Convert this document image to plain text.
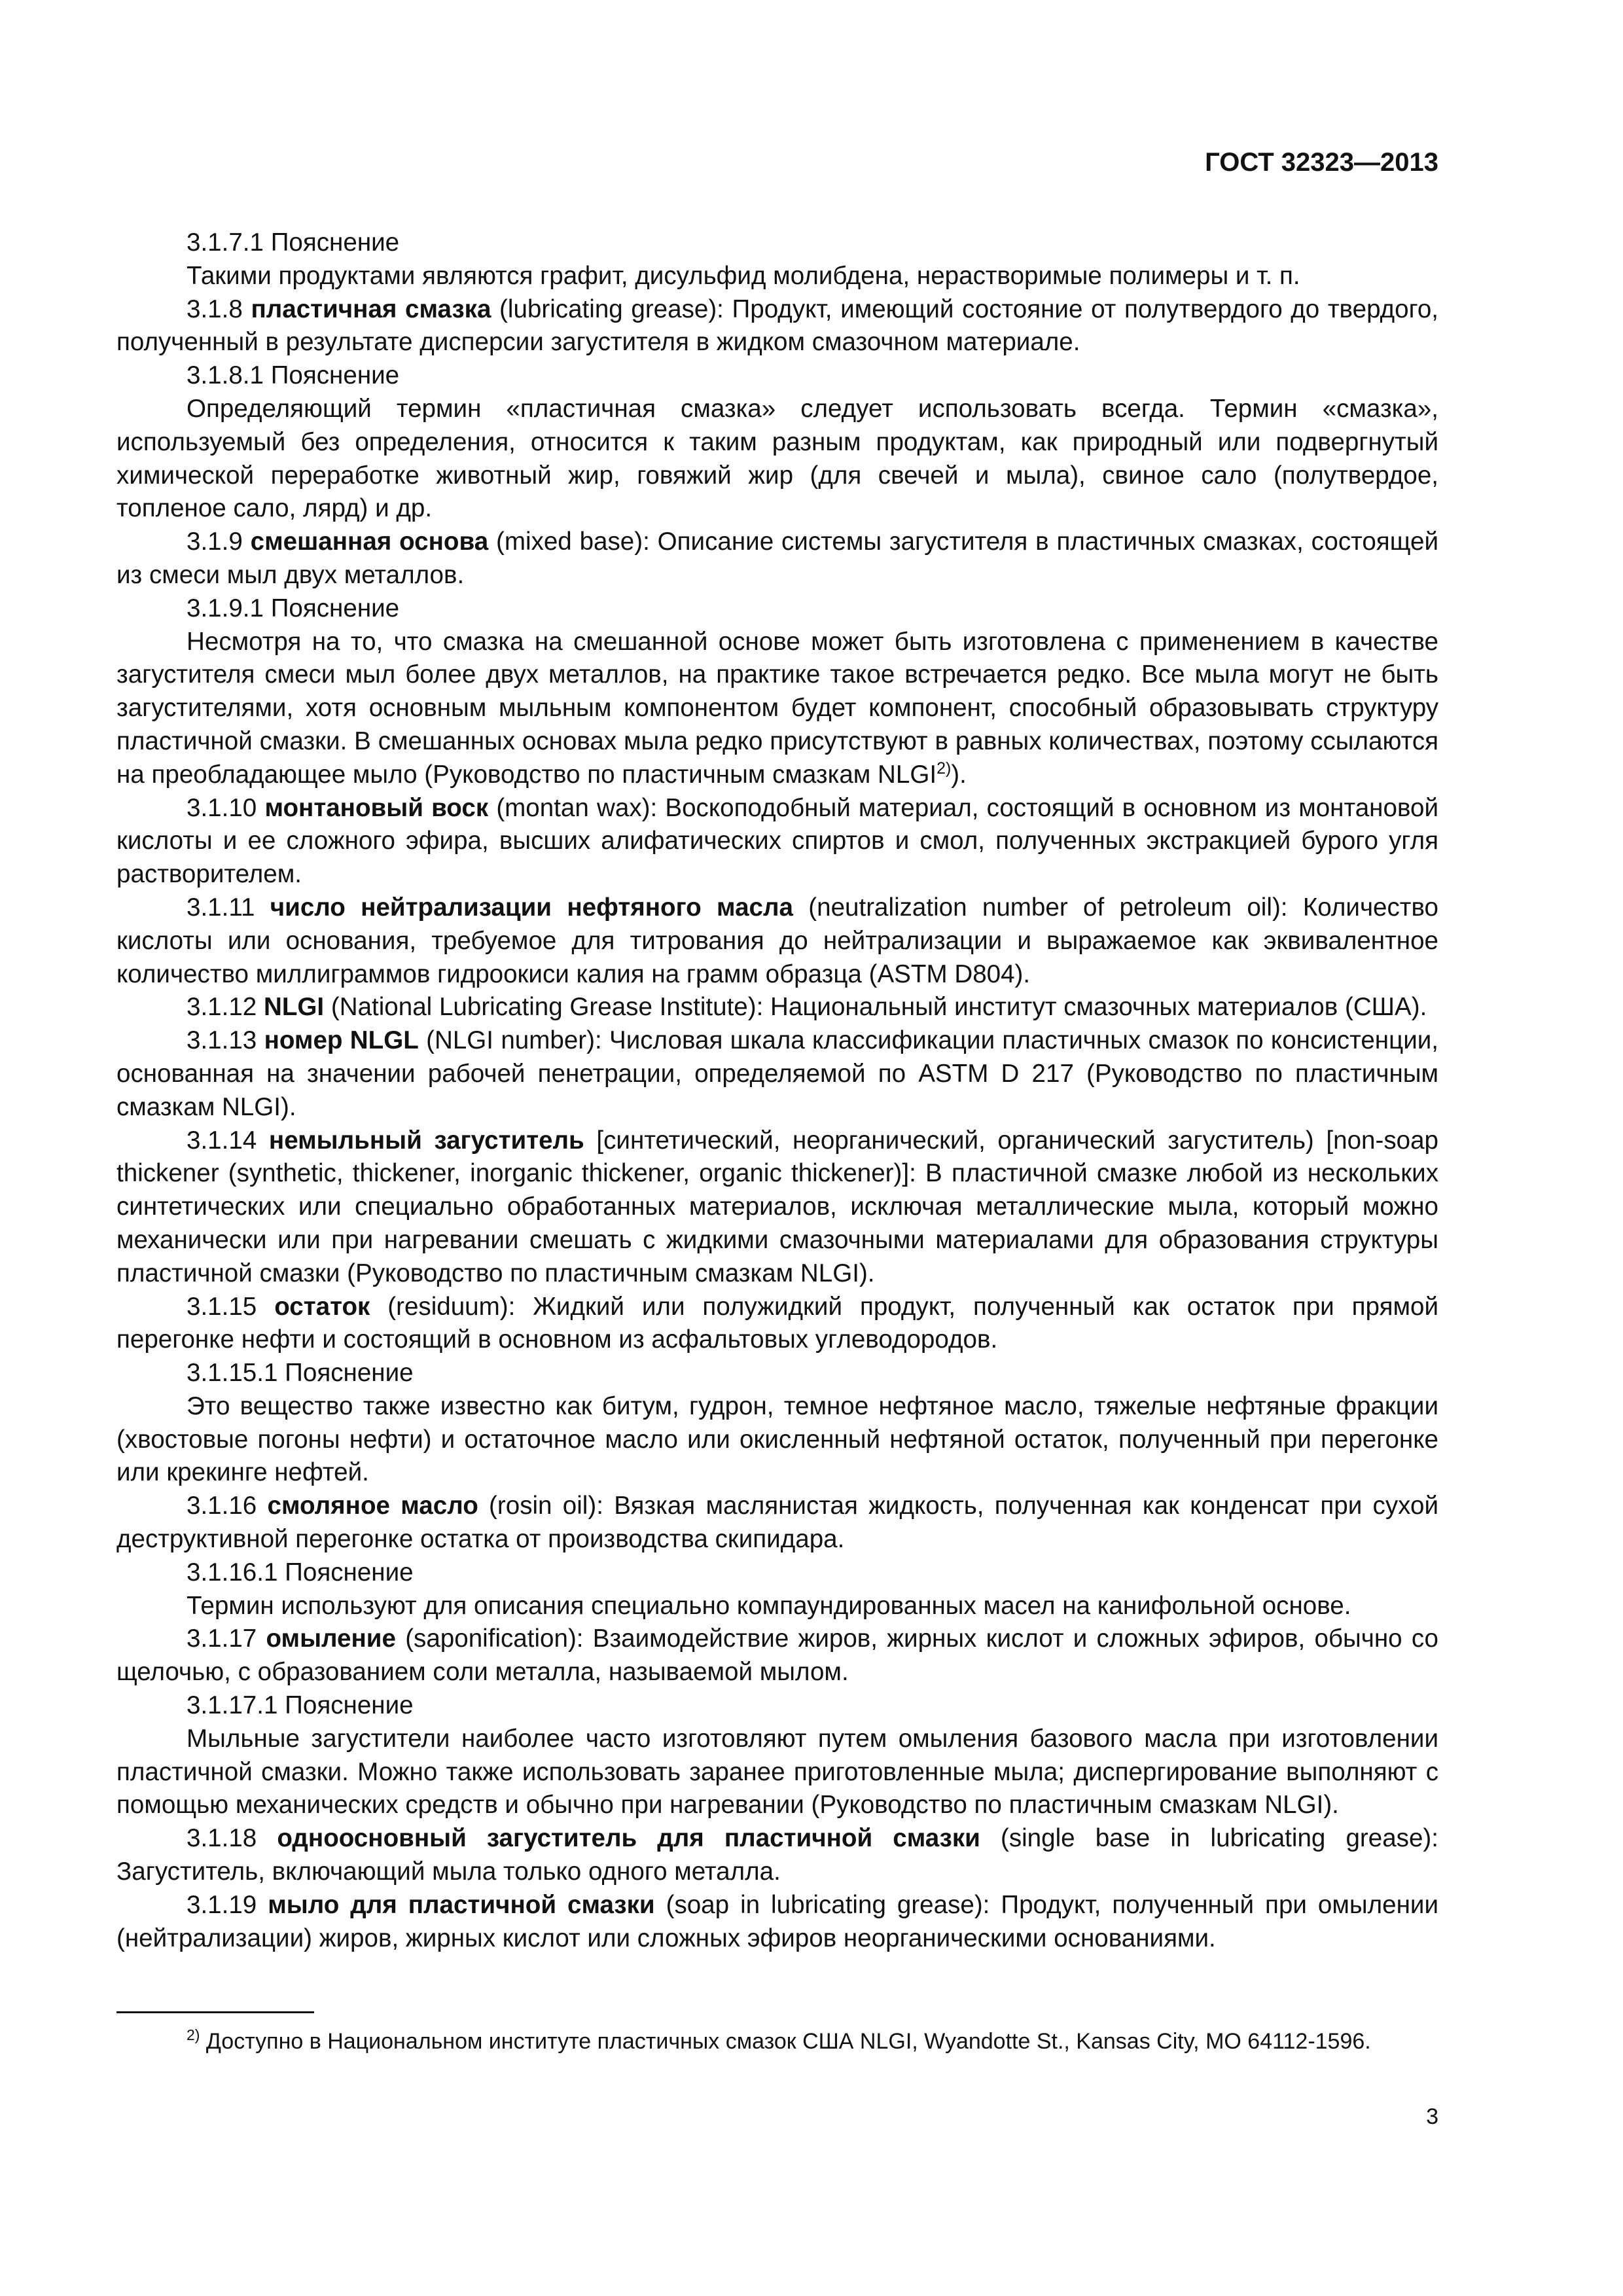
ГОСТ 32323—2013

3.1.7.1 Пояснение

Такими продуктами являются графит, дисульфид молибдена, нерастворимые полимеры и т. п.

3.1.8 пластичная смазка (lubricating grease): Продукт, имеющий состояние от полутвердого до твердого, полученный в результате дисперсии загустителя в жидком смазочном материале.

3.1.8.1 Пояснение

Определяющий термин «пластичная смазка» следует использовать всегда. Термин «смазка», используемый без определения, относится к таким разным продуктам, как природный или подвергнутый химической переработке животный жир, говяжий жир (для свечей и мыла), свиное сало (полутвердое, топленое сало, лярд) и др.

3.1.9 смешанная основа (mixed base): Описание системы загустителя в пластичных смазках, состоящей из смеси мыл двух металлов.

3.1.9.1 Пояснение

Несмотря на то, что смазка на смешанной основе может быть изготовлена с применением в качестве загустителя смеси мыл более двух металлов, на практике такое встречается редко. Все мыла могут не быть загустителями, хотя основным мыльным компонентом будет компонент, способный образовывать структуру пластичной смазки. В смешанных основах мыла редко присутствуют в равных количествах, поэтому ссылаются на преобладающее мыло (Руководство по пластичным смазкам NLGI$^{2)}$).

3.1.10 монтановый воск (montan wax): Воскоподобный материал, состоящий в основном из монтановой кислоты и ее сложного эфира, высших алифатических спиртов и смол, полученных экстракцией бурого угля растворителем.

3.1.11 число нейтрализации нефтяного масла (neutralization number of petroleum oil): Количество кислоты или основания, требуемое для титрования до нейтрализации и выражаемое как эквивалентное количество миллиграммов гидроокиси калия на грамм образца (ASTM D804).

3.1.12 NLGI (National Lubricating Grease Institute): Национальный институт смазочных материалов (США).

3.1.13 номер NLGL (NLGI number): Числовая шкала классификации пластичных смазок по консистенции, основанная на значении рабочей пенетрации, определяемой по ASTM D 217 (Руководство по пластичным смазкам NLGI).

3.1.14 немыльный загуститель [синтетический, неорганический, органический загуститель) [non-soap thickener (synthetic, thickener, inorganic thickener, organic thickener)]: В пластичной смазке любой из нескольких синтетических или специально обработанных материалов, исключая металлические мыла, который можно механически или при нагревании смешать с жидкими смазочными материалами для образования структуры пластичной смазки (Руководство по пластичным смазкам NLGI).

3.1.15 остаток (residuum): Жидкий или полужидкий продукт, полученный как остаток при прямой перегонке нефти и состоящий в основном из асфальтовых углеводородов.

3.1.15.1 Пояснение

Это вещество также известно как битум, гудрон, темное нефтяное масло, тяжелые нефтяные фракции (хвостовые погоны нефти) и остаточное масло или окисленный нефтяной остаток, полученный при перегонке или крекинге нефтей.

3.1.16 смоляное масло (rosin oil): Вязкая маслянистая жидкость, полученная как конденсат при сухой деструктивной перегонке остатка от производства скипидара.

3.1.16.1 Пояснение

Термин используют для описания специально компаундированных масел на канифольной основе.

3.1.17 омыление (saponification): Взаимодействие жиров, жирных кислот и сложных эфиров, обычно со щелочью, с образованием соли металла, называемой мылом.

3.1.17.1 Пояснение

Мыльные загустители наиболее часто изготовляют путем омыления базового масла при изготовлении пластичной смазки. Можно также использовать заранее приготовленные мыла; диспергирование выполняют с помощью механических средств и обычно при нагревании (Руководство по пластичным смазкам NLGI).

3.1.18 одноосновный загуститель для пластичной смазки (single base in lubricating grease): Загуститель, включающий мыла только одного металла.

3.1.19 мыло для пластичной смазки (soap in lubricating grease): Продукт, полученный при омылении (нейтрализации) жиров, жирных кислот или сложных эфиров неорганическими основаниями.

$^{2)}$ Доступно в Национальном институте пластичных смазок США NLGI, Wyandotte St., Kansas City, MO 64112-1596.

3
